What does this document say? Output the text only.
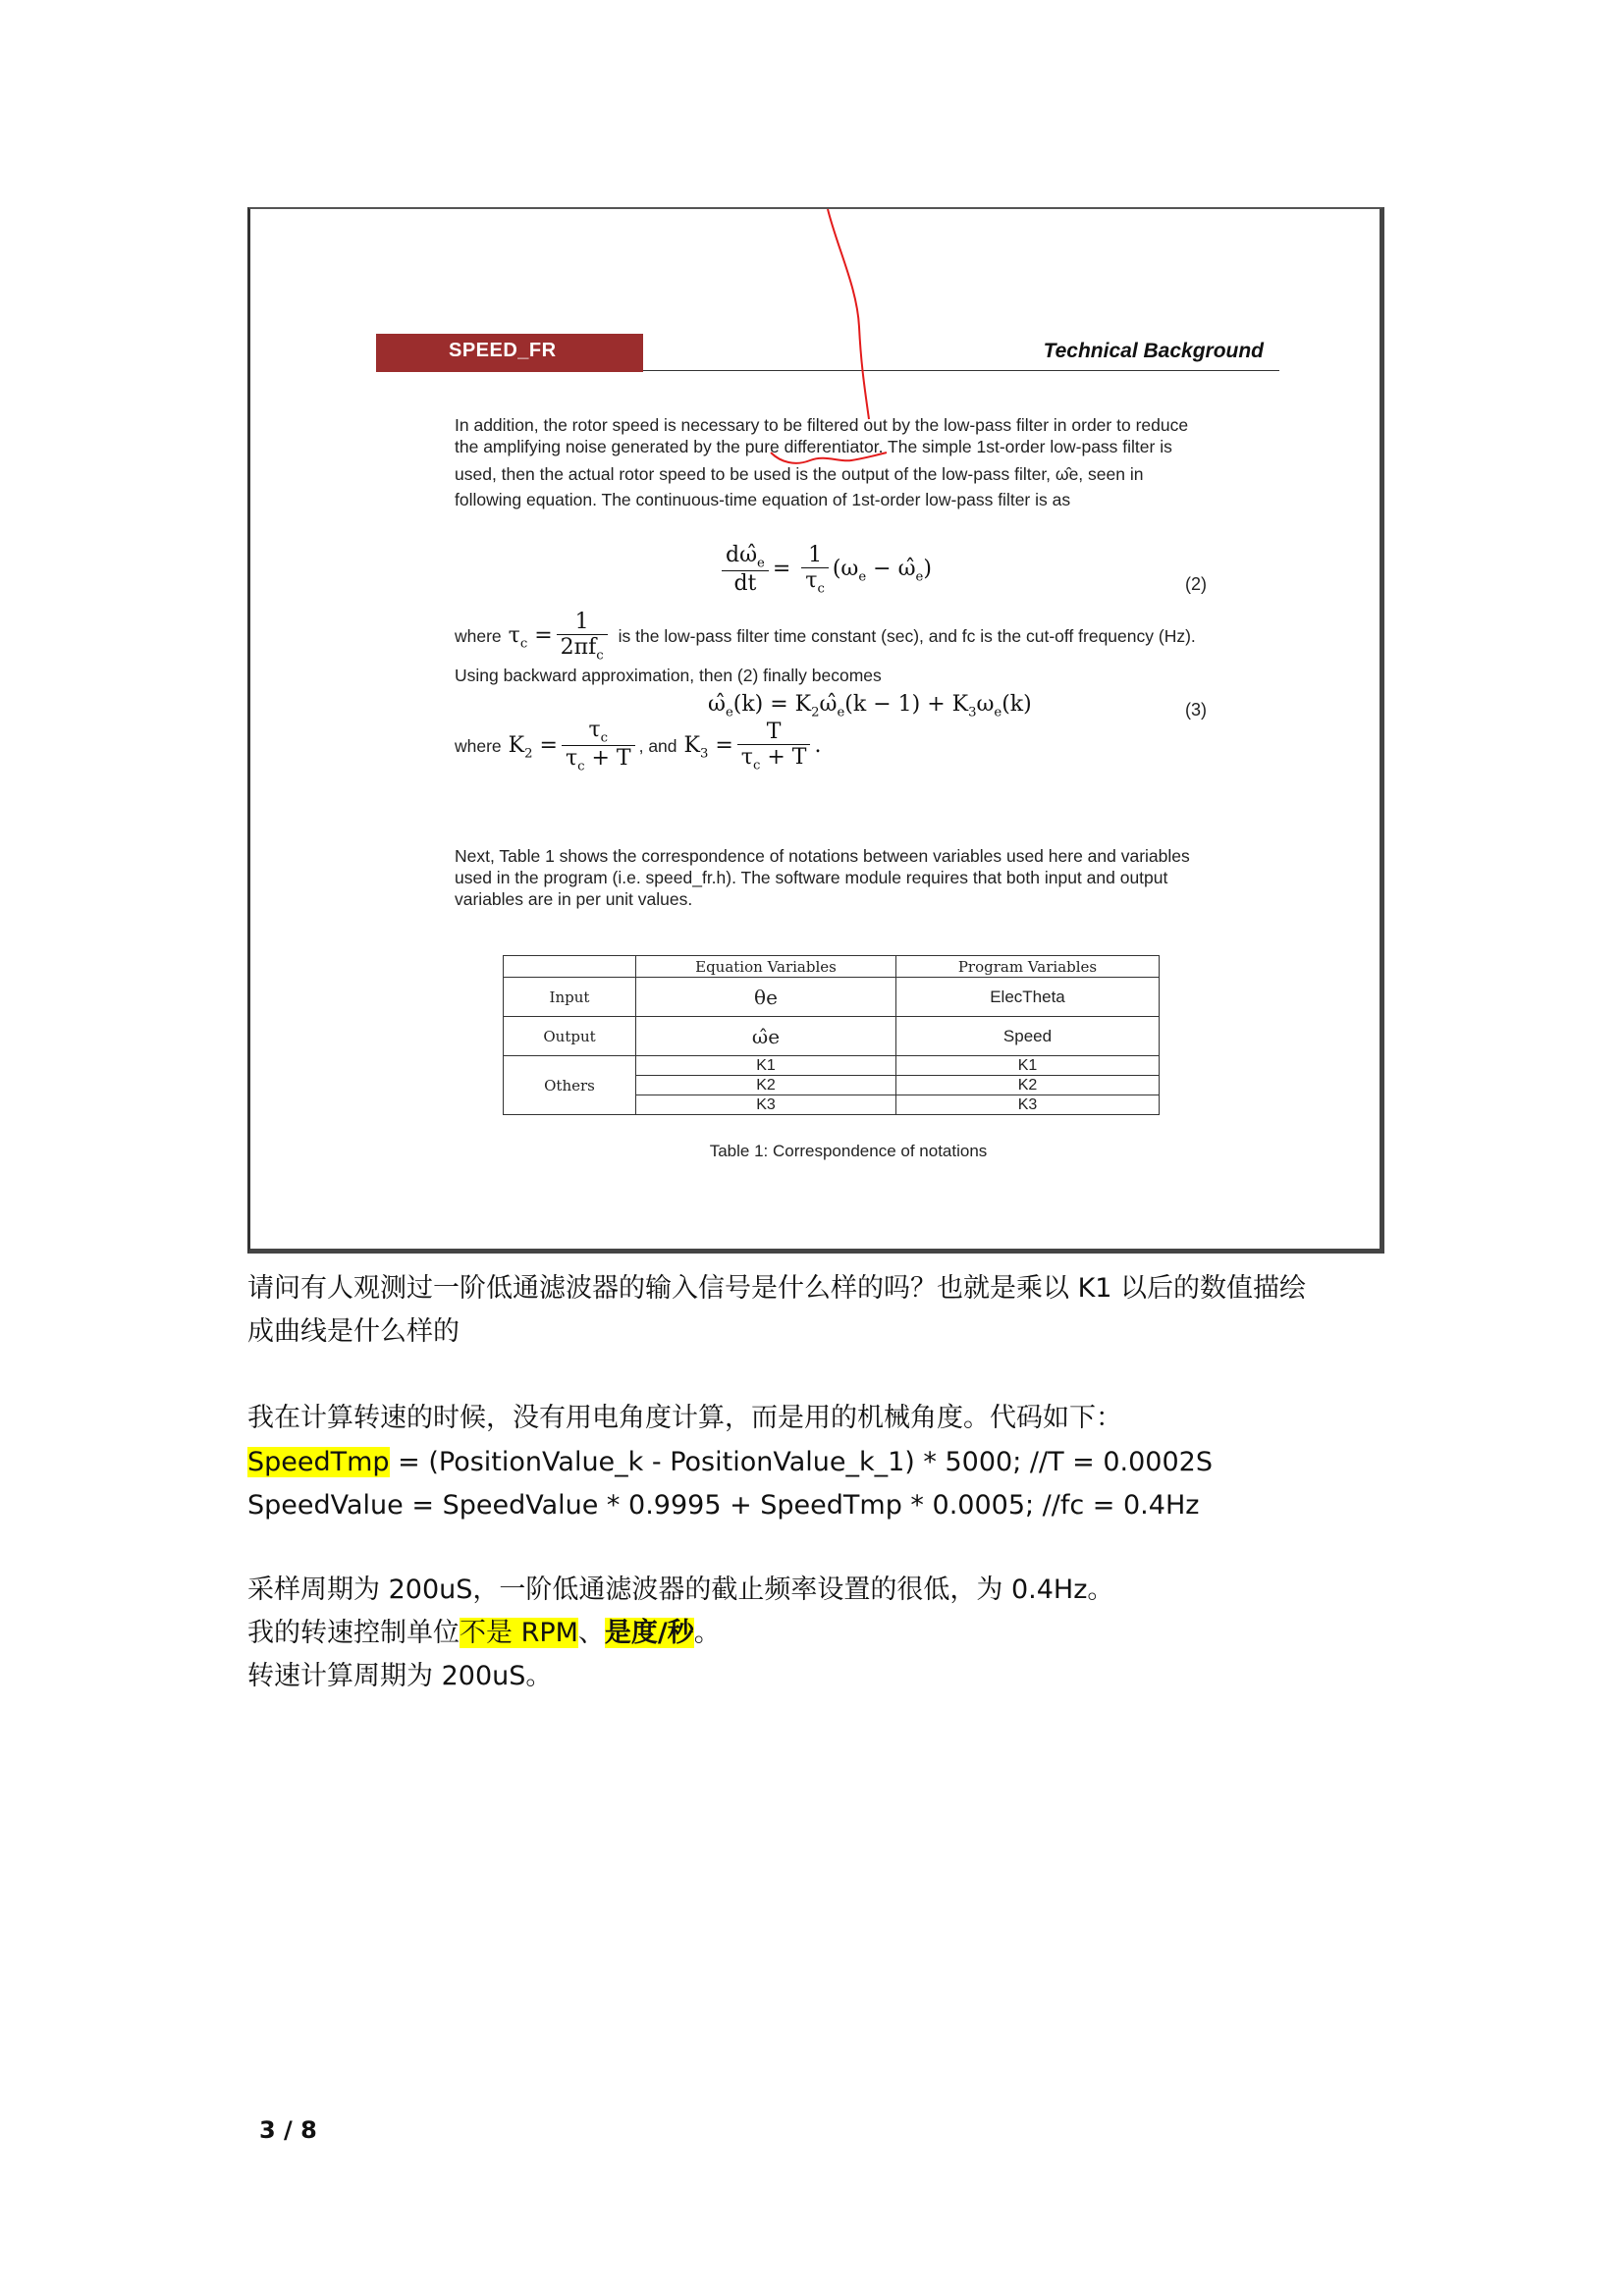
SPEED_FR	Technical Background
In addition, the rotor speed is necessary to be filtered out by the low-pass filter in order to reduce
the amplifying noise generated by the pure differentiator. The simple 1st-order low-pass filter is
used, then the actual rotor speed to be used is the output of the low-pass filter, ω̂e, seen in
following equation. The continuous-time equation of 1st-order low-pass filter is as
$\frac{d\omegâ_e}{dt} = \frac{1}{\tau_c} (\omega_e$ − $\omegâ_e$)
(2)
where $\tau_c = \frac{1}{2\pi f_c}$ is the low-pass filter time constant (sec), and fc is the cut-off frequency (Hz).
Using backward approximation, then (2) finally becomes
$\omegâ_e(k)$ = $K_2\omegâ_e(k - 1) + K_3\omega_e(k)$	(3)
where $K_2 = \frac{\tau_c}{\tau_c + T}$ , and $K_3 = \frac{T}{\tau_c + T}$ .
Next, Table 1 shows the correspondence of notations between variables used here and variables
used in the program (i.e. speed_fr.h). The software module requires that both input and output
variables are in per unit values.
	Equation Variables	Program Variables
Input	θe	ElecTheta
Output	ω̂e	Speed
Others	K1	K1
	K2	K2
	K3	K3
Table 1: Correspondence of notations
请问有人观测过一阶低通滤波器的输入信号是什么样的吗？也就是乘以 K1 以后的数值描绘
成曲线是什么样的
我在计算转速的时候，没有用电角度计算，而是用的机械角度。代码如下：
SpeedTmp = (PositionValue_k - PositionValue_k_1) * 5000; //T = 0.0002S
SpeedValue = SpeedValue * 0.9995 + SpeedTmp * 0.0005; //fc = 0.4Hz
采样周期为 200uS，一阶低通滤波器的截止频率设置的很低，为 0.4Hz。
我的转速控制单位不是 RPM、是度/秒。
转速计算周期为 200uS。
3 / 8
